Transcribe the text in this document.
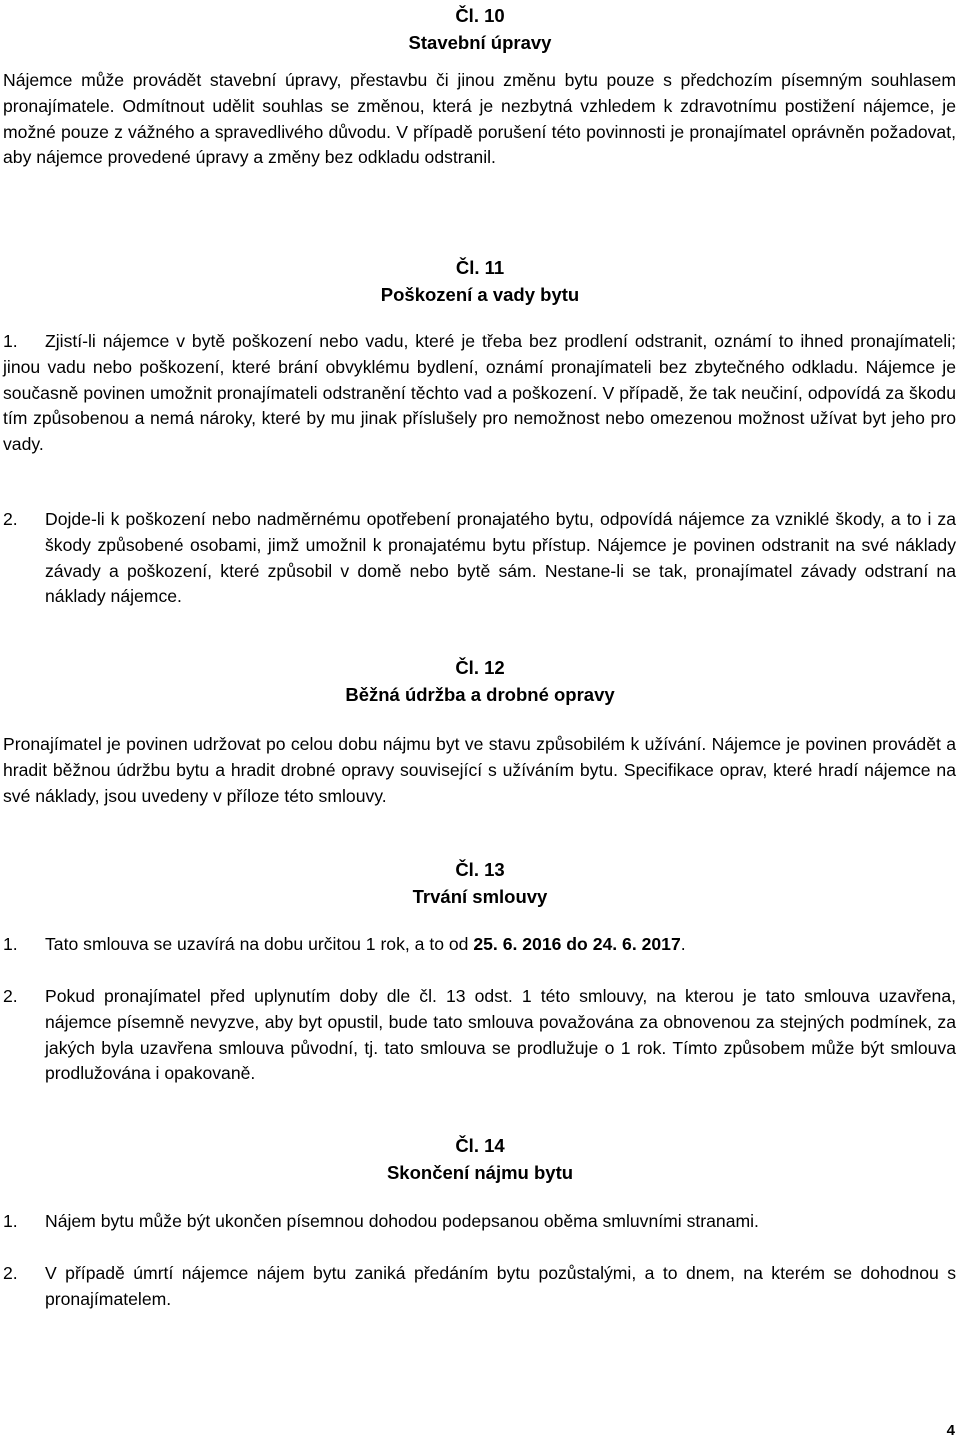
Čl. 10
Stavební úpravy
Nájemce může provádět stavební úpravy, přestavbu či jinou změnu bytu pouze s předchozím písemným souhlasem pronajímatele. Odmítnout udělit souhlas se změnou, která je nezbytná vzhledem k zdravotnímu postižení nájemce, je možné pouze z vážného a spravedlivého důvodu. V případě porušení této povinnosti je pronajímatel oprávněn požadovat, aby nájemce provedené úpravy a změny bez odkladu odstranil.
Čl. 11
Poškození a vady bytu
1.	Zjistí-li nájemce v bytě poškození nebo vadu, které je třeba bez prodlení odstranit, oznámí to ihned pronajímateli; jinou vadu nebo poškození, které brání obvyklému bydlení, oznámí pronajímateli bez zbytečného odkladu. Nájemce je současně povinen umožnit pronajímateli odstranění těchto vad a poškození. V případě, že tak neučiní, odpovídá za škodu tím způsobenou a nemá nároky, které by mu jinak příslušely pro nemožnost nebo omezenou možnost užívat byt jeho pro vady.
2. Dojde-li k poškození nebo nadměrnému opotřebení pronajatého bytu, odpovídá nájemce za vzniklé škody, a to i za škody způsobené osobami, jimž umožnil k pronajatému bytu přístup. Nájemce je povinen odstranit na své náklady závady a poškození, které způsobil v domě nebo bytě sám. Nestane-li se tak, pronajímatel závady odstraní na náklady nájemce.
Čl. 12
Běžná údržba a drobné opravy
Pronajímatel je povinen udržovat po celou dobu nájmu byt ve stavu způsobilém k užívání. Nájemce je povinen provádět a hradit běžnou údržbu bytu a hradit drobné opravy související s užíváním bytu. Specifikace oprav, které hradí nájemce na své náklady, jsou uvedeny v příloze této smlouvy.
Čl. 13
Trvání smlouvy
1. Tato smlouva se uzavírá na dobu určitou 1 rok, a to od 25. 6. 2016 do 24. 6. 2017.
2. Pokud pronajímatel před uplynutím doby dle čl. 13 odst. 1 této smlouvy, na kterou je tato smlouva uzavřena, nájemce písemně nevyzve, aby byt opustil, bude tato smlouva považována za obnovenou za stejných podmínek, za jakých byla uzavřena smlouva původní, tj. tato smlouva se prodlužuje o 1 rok. Tímto způsobem může být smlouva prodlužována i opakovaně.
Čl. 14
Skončení nájmu bytu
1. Nájem bytu může být ukončen písemnou dohodou podepsanou oběma smluvními stranami.
2. V případě úmrtí nájemce nájem bytu zaniká předáním bytu pozůstalými, a to dnem, na kterém se dohodnou s pronajímatelem.
4
